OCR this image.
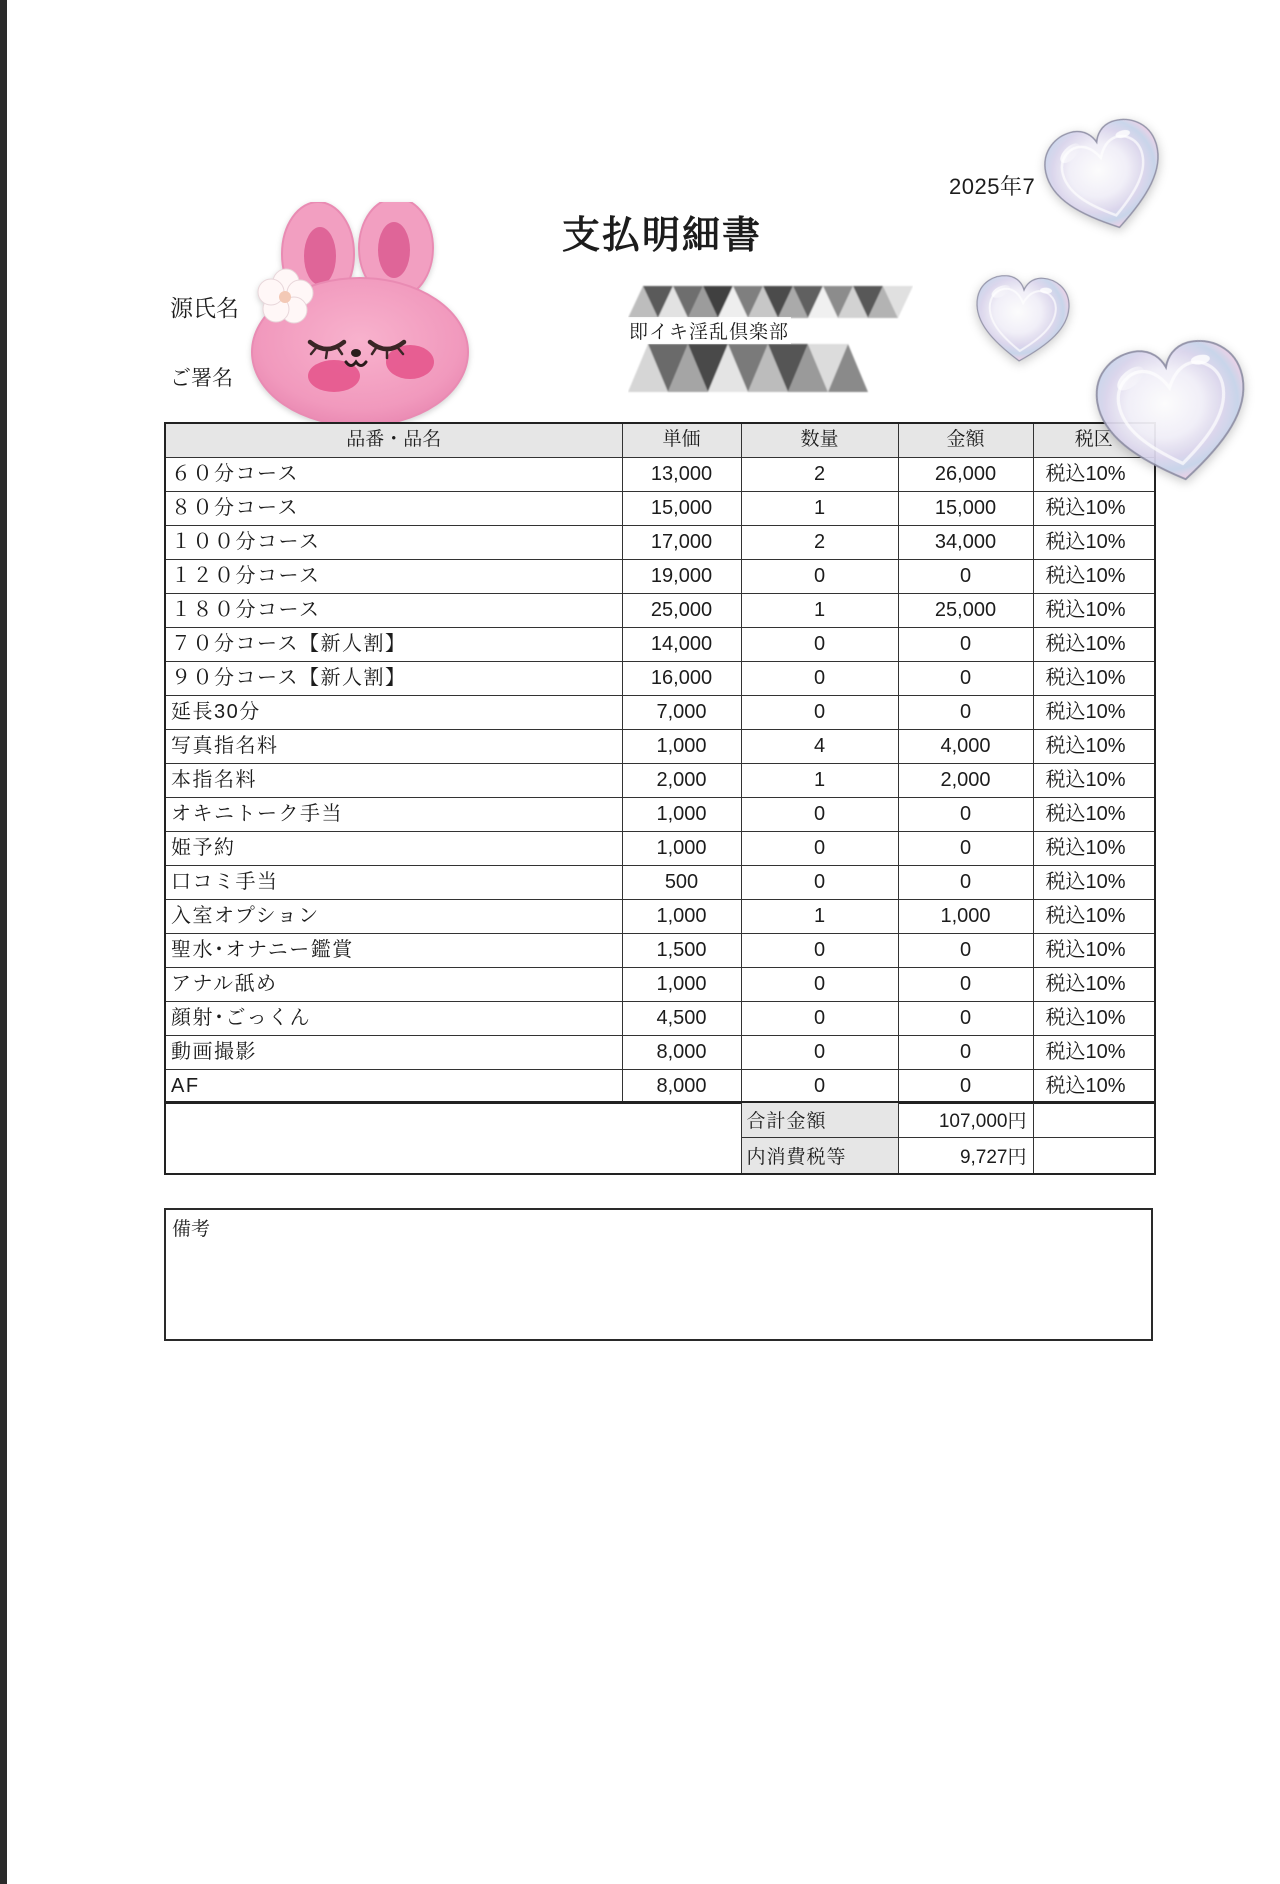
2025年7
支払明細書
源氏名
ご署名
即イキ淫乱倶楽部
品番・品名	単価	数量	金額	税区
６０分コース	13,000	2	26,000	税込10%
８０分コース	15,000	1	15,000	税込10%
１００分コース	17,000	2	34,000	税込10%
１２０分コース	19,000	0	0	税込10%
１８０分コース	25,000	1	25,000	税込10%
７０分コース【新人割】	14,000	0	0	税込10%
９０分コース【新人割】	16,000	0	0	税込10%
延長30分	7,000	0	0	税込10%
写真指名料	1,000	4	4,000	税込10%
本指名料	2,000	1	2,000	税込10%
オキニトーク手当	1,000	0	0	税込10%
姫予約	1,000	0	0	税込10%
口コミ手当	500	0	0	税込10%
入室オプション	1,000	1	1,000	税込10%
聖水･オナニー鑑賞	1,500	0	0	税込10%
アナル舐め	1,000	0	0	税込10%
顔射･ごっくん	4,500	0	0	税込10%
動画撮影	8,000	0	0	税込10%
AF	8,000	0	0	税込10%
	合計金額	107,000円	
	内消費税等	9,727円	
備考
